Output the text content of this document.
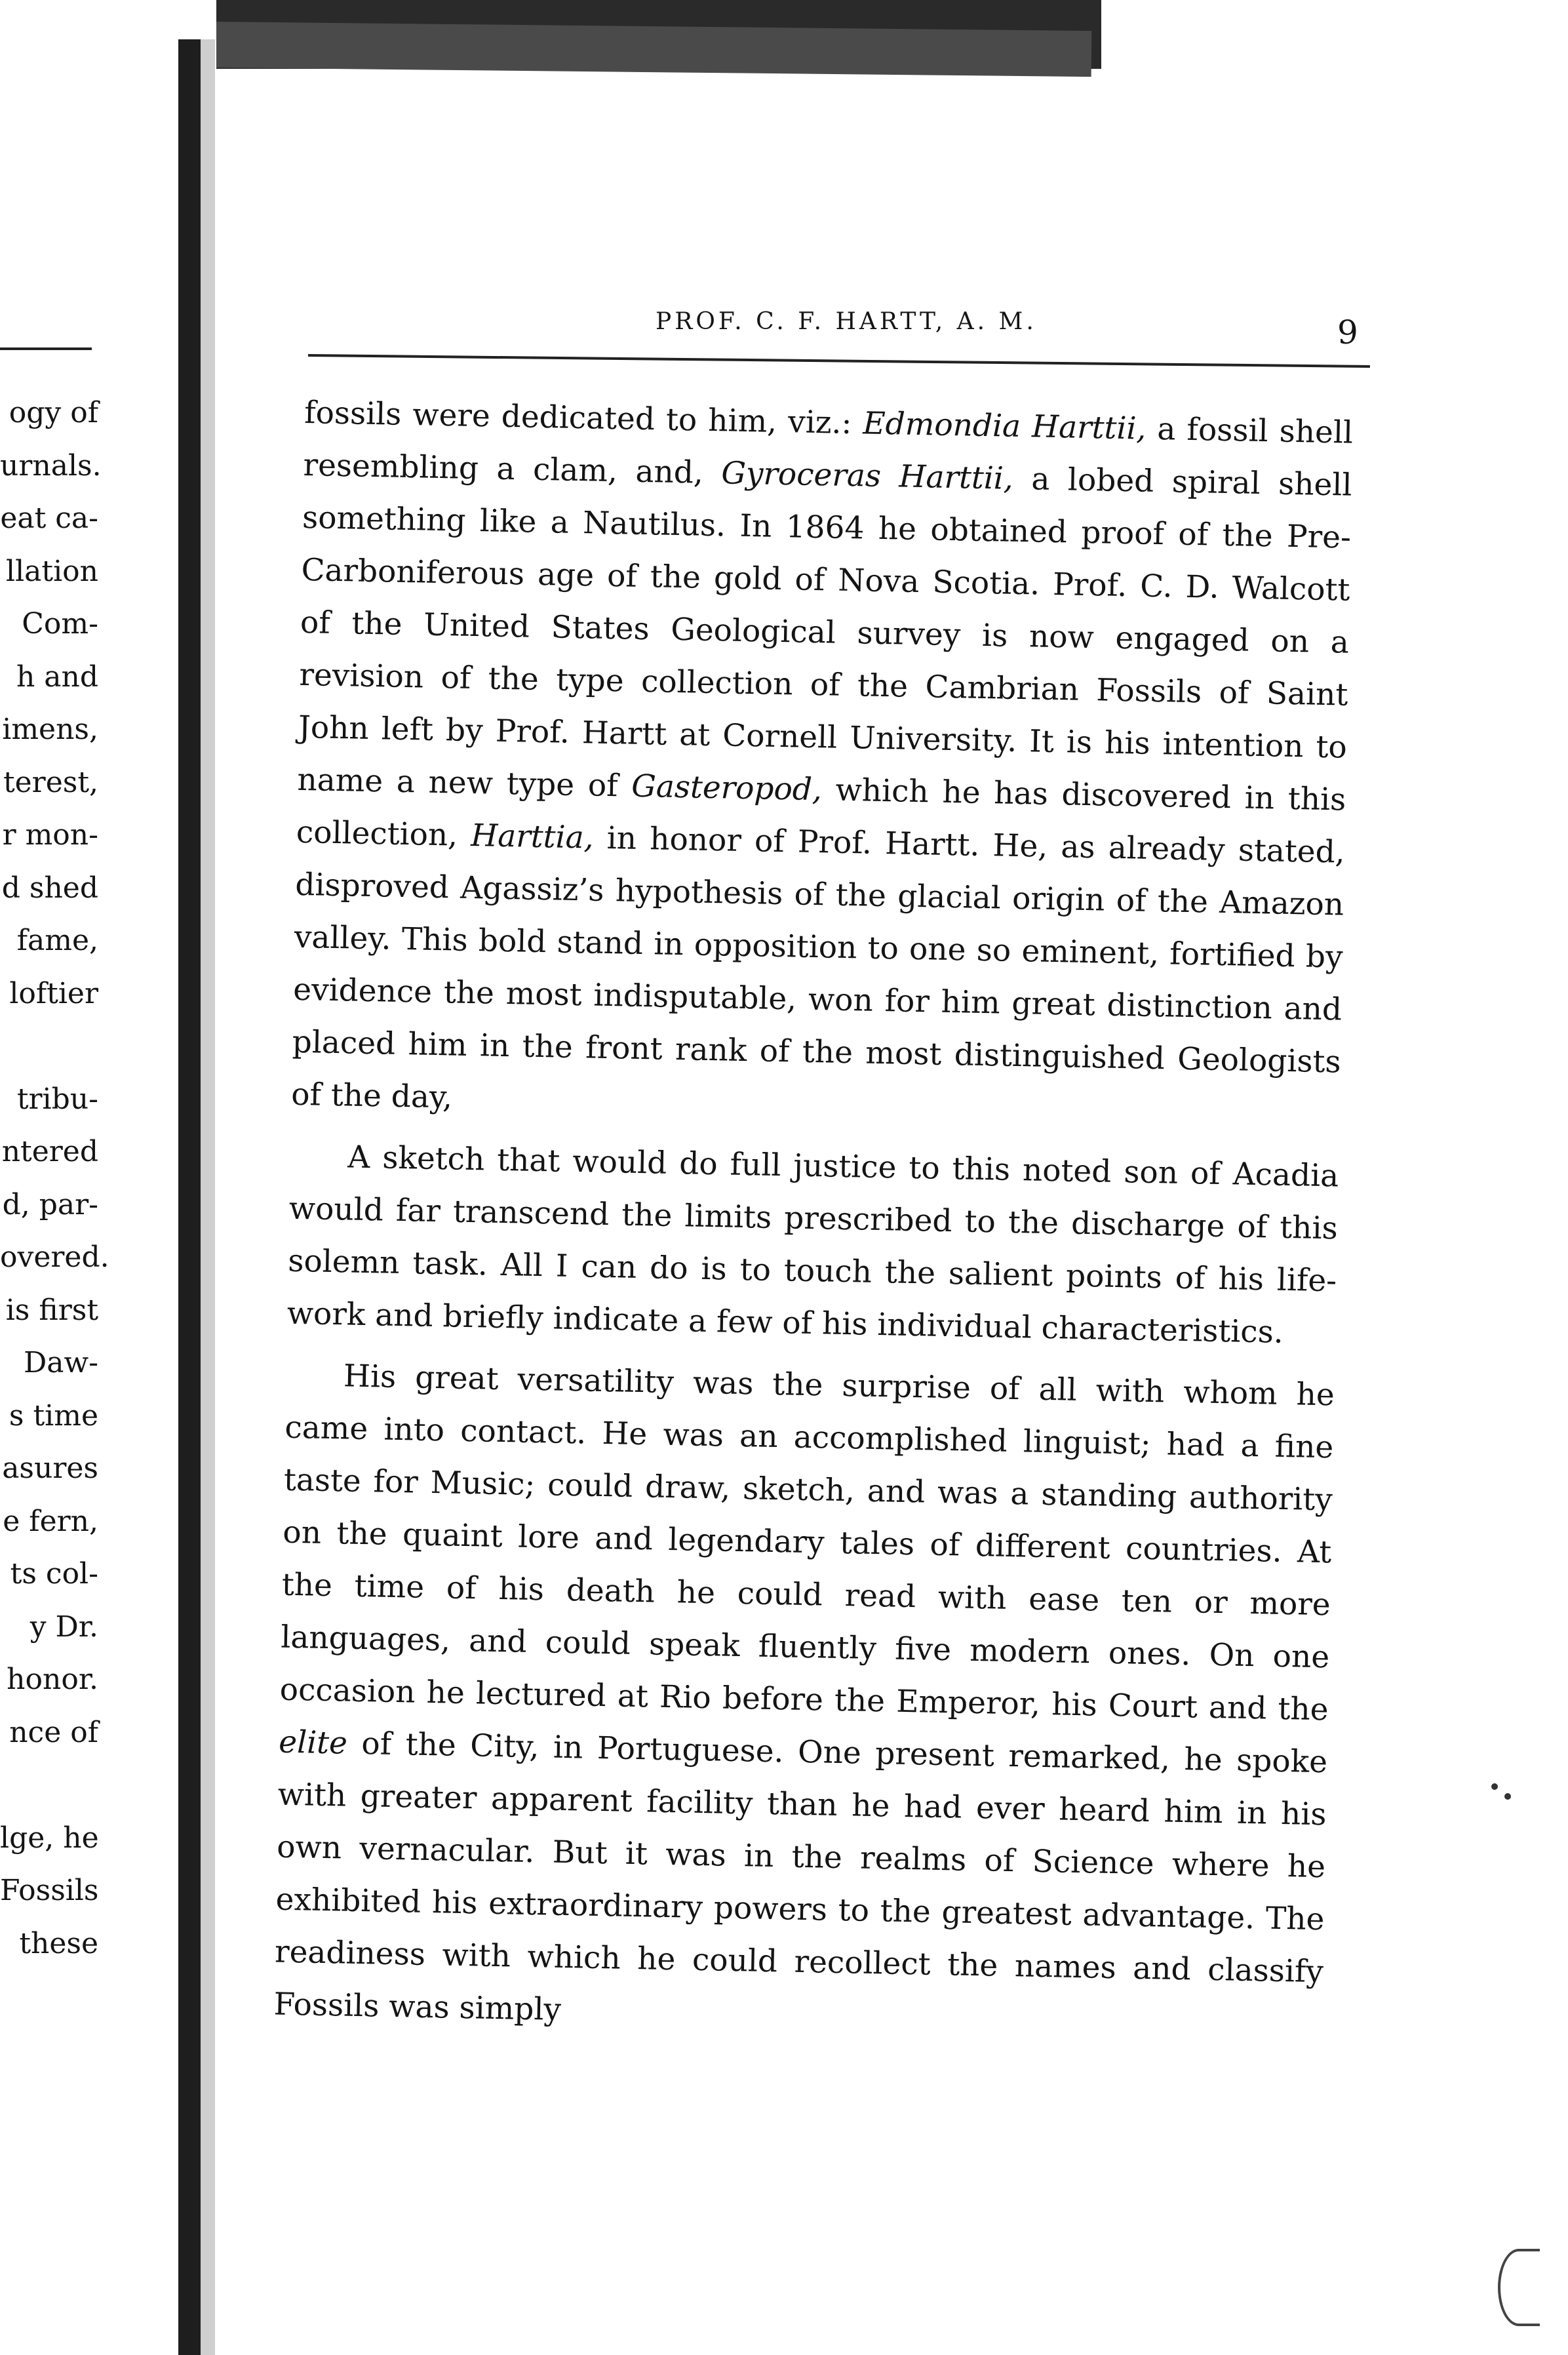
ogy of
urnals.
eat ca-
llation
Com-
h and
imens,
terest,
r mon-
d shed
fame,
loftier

tribu-
ntered
d, par-
overed.
is first
Daw-
s time
asures
e fern,
ts col-
y Dr.
honor.
nce of

lge, he
Fossils
these
PROF. C. F. HARTT, A. M.	9

fossils were dedicated to him, viz.: Edmondia Harttii, a fossil shell resembling a clam, and, Gyroceras Harttii, a lobed spiral shell something like a Nautilus. In 1864 he obtained proof of the Pre-Carboniferous age of the gold of Nova Scotia. Prof. C. D. Walcott of the United States Geological survey is now engaged on a revision of the type collection of the Cambrian Fossils of Saint John left by Prof. Hartt at Cornell University. It is his intention to name a new type of Gasteropod, which he has discovered in this collection, Harttia, in honor of Prof. Hartt. He, as already stated, disproved Agassiz’s hypothesis of the glacial origin of the Amazon valley. This bold stand in opposition to one so eminent, fortified by evidence the most indisputable, won for him great distinction and placed him in the front rank of the most distinguished Geologists of the day,

A sketch that would do full justice to this noted son of Acadia would far transcend the limits prescribed to the discharge of this solemn task. All I can do is to touch the salient points of his life-work and briefly indicate a few of his individual characteristics.

His great versatility was the surprise of all with whom he came into contact. He was an accomplished linguist; had a fine taste for Music; could draw, sketch, and was a standing authority on the quaint lore and legendary tales of different countries. At the time of his death he could read with ease ten or more languages, and could speak fluently five modern ones. On one occasion he lectured at Rio before the Emperor, his Court and the elite of the City, in Portuguese. One present remarked, he spoke with greater apparent facility than he had ever heard him in his own vernacular. But it was in the realms of Science where he exhibited his extraordinary powers to the greatest advantage. The readiness with which he could recollect the names and classify Fossils was simply
